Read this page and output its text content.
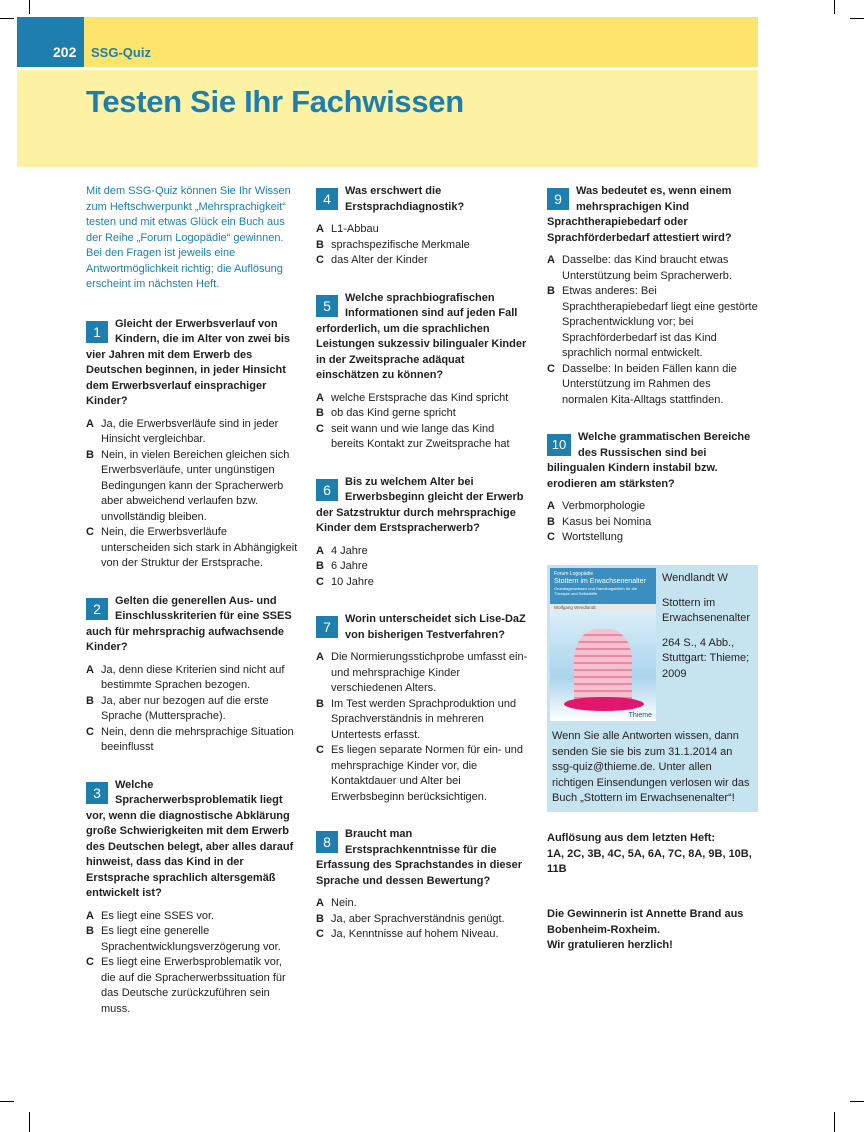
202	SSG-Quiz
Testen Sie Ihr Fachwissen

Mit dem SSG-Quiz können Sie Ihr Wissen zum Heftschwerpunkt „Mehrsprachigkeit“ testen und mit etwas Glück ein Buch aus der Reihe „Forum Logopädie“ gewinnen. Bei den Fragen ist jeweils eine Antwortmöglichkeit richtig; die Auflösung erscheint im nächsten Heft.

1	Gleicht der Erwerbsverlauf von Kindern, die im Alter von zwei bis vier Jahren mit dem Erwerb des Deutschen beginnen, in jeder Hinsicht dem Erwerbsverlauf einsprachiger Kinder?
A Ja, die Erwerbsverläufe sind in jeder Hinsicht vergleichbar.
B Nein, in vielen Bereichen gleichen sich Erwerbsverläufe, unter ungünstigen Bedingungen kann der Spracherwerb aber abweichend verlaufen bzw. unvollständig bleiben.
C Nein, die Erwerbsverläufe unterscheiden sich stark in Abhängigkeit von der Struktur der Erstsprache.
2	Gelten die generellen Aus- und Einschlusskriterien für eine SSES auch für mehrsprachig aufwachsende Kinder?
A Ja, denn diese Kriterien sind nicht auf bestimmte Sprachen bezogen.
B Ja, aber nur bezogen auf die erste Sprache (Muttersprache).
C Nein, denn die mehrsprachige Situation beeinflusst
3	Welche Spracherwerbsproblematik liegt vor, wenn die diagnostische Abklärung große Schwierigkeiten mit dem Erwerb des Deutschen belegt, aber alles darauf hinweist, dass das Kind in der Erstsprache sprachlich altersgemäß entwickelt ist?
A Es liegt eine SSES vor.
B Es liegt eine generelle Sprachentwicklungsverzögerung vor.
C Es liegt eine Erwerbsproblematik vor, die auf die Spracherwerbssituation für das Deutsche zurückzuführen sein muss.
4	Was erschwert die Erstsprachdiagnostik?
A L1-Abbau
B sprachspezifische Merkmale
C das Alter der Kinder
5	Welche sprachbiografischen Informationen sind auf jeden Fall erforderlich, um die sprachlichen Leistungen sukzessiv bilingualer Kinder in der Zweitsprache adäquat einschätzen zu können?
A welche Erstsprache das Kind spricht
B ob das Kind gerne spricht
C seit wann und wie lange das Kind bereits Kontakt zur Zweitsprache hat
6	Bis zu welchem Alter bei Erwerbsbeginn gleicht der Erwerb der Satzstruktur durch mehrsprachige Kinder dem Erstspracherwerb?
A 4 Jahre
B 6 Jahre
C 10 Jahre
7	Worin unterscheidet sich Lise-DaZ von bisherigen Testverfahren?
A Die Normierungsstichprobe umfasst ein- und mehrsprachige Kinder verschiedenen Alters.
B Im Test werden Sprachproduktion und Sprachverständnis in mehreren Untertests erfasst.
C Es liegen separate Normen für ein- und mehrsprachige Kinder vor, die Kontaktdauer und Alter bei Erwerbsbeginn berücksichtigen.
8	Braucht man Erstsprachkenntnisse für die Erfassung des Sprachstandes in dieser Sprache und dessen Bewertung?
A Nein.
B Ja, aber Sprachverständnis genügt.
C Ja, Kenntnisse auf hohem Niveau.
9	Was bedeutet es, wenn einem mehrsprachigen Kind Sprachtherapiebedarf oder Sprachförderbedarf attestiert wird?
A Dasselbe: das Kind braucht etwas Unterstützung beim Spracherwerb.
B Etwas anderes: Bei Sprachtherapiebedarf liegt eine gestörte Sprachentwicklung vor; bei Sprachförderbedarf ist das Kind sprachlich normal entwickelt.
C Dasselbe: In beiden Fällen kann die Unterstützung im Rahmen des normalen Kita-Alltags stattfinden.
10	Welche grammatischen Bereiche des Russischen sind bei bilingualen Kindern instabil bzw. erodieren am stärksten?
A Verbmorphologie
B Kasus bei Nomina
C Wortstellung
Forum Logopädie
Stottern im Erwachsenenalter
Grundlagenwissen und Handlungshilfen für die Therapie und Selbsthilfe
Wolfgang Wendlandt
Thieme

Wendlandt W

Stottern im Erwachsenenalter

264 S., 4 Abb., Stuttgart: Thieme; 2009

Wenn Sie alle Antworten wissen, dann senden Sie sie bis zum 31.1.2014 an ssg-quiz@thieme.de. Unter allen richtigen Einsendungen verlosen wir das Buch „Stottern im Erwachsenenalter“!

Auflösung aus dem letzten Heft:
1A, 2C, 3B, 4C, 5A, 6A, 7C, 8A, 9B, 10B, 11B
Die Gewinnerin ist Annette Brand aus Bobenheim-Roxheim.
Wir gratulieren herzlich!
